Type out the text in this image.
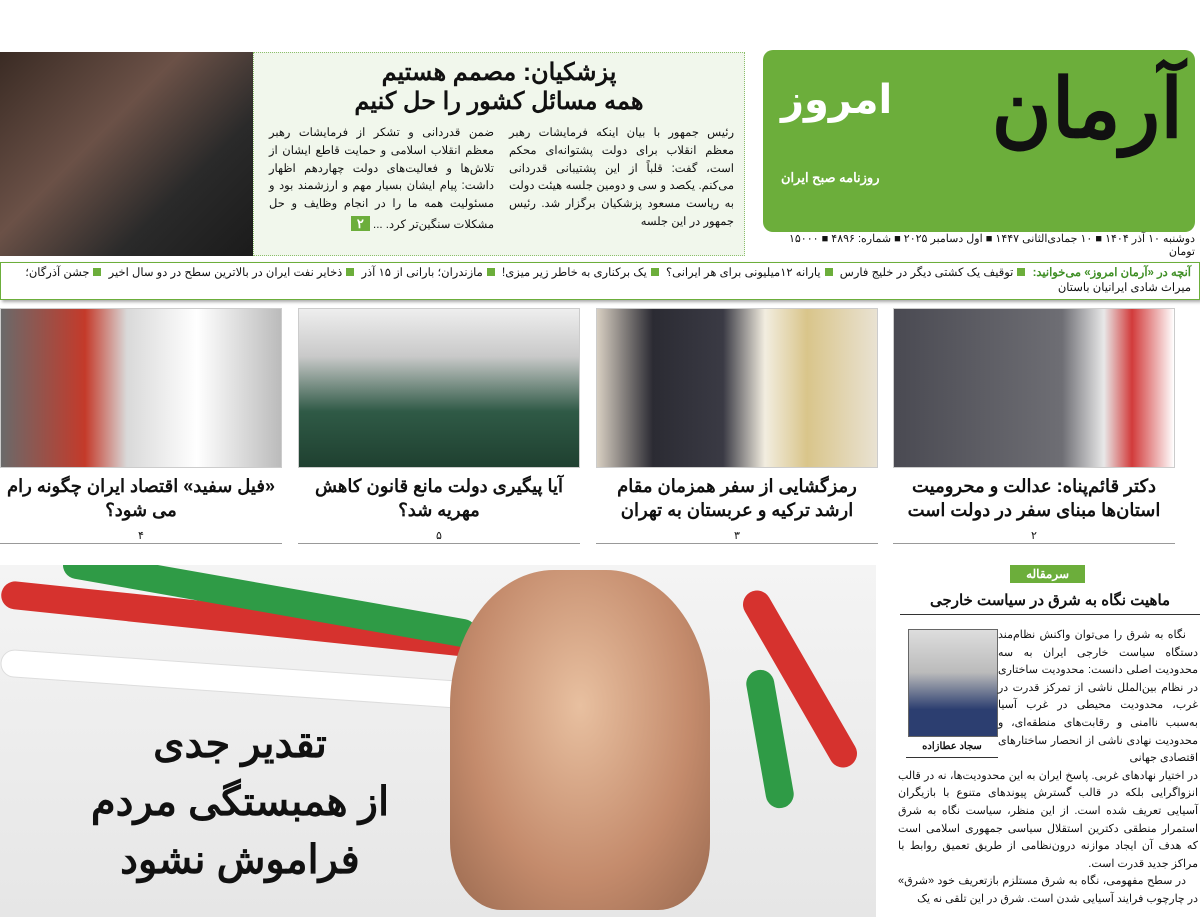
آرمان
امروز
روزنامه صبح ایران
دوشنبه ۱۰ آذر ۱۴۰۴ ■ ۱۰ جمادی‌الثانی ۱۴۴۷ ■ اول دسامبر ۲۰۲۵ ■ شماره: ۴۸۹۶ ■ ۱۵۰۰۰ تومان
پزشکیان: مصمم هستیم
همه مسائل کشور را حل کنیم
رئیس جمهور با بیان اینکه فرمایشات رهبر معظم انقلاب برای دولت پشتوانه‌ای محکم است، گفت: قلباً از این پشتیبانی قدردانی می‌کنم. یکصد و سی و دومین جلسه هیئت دولت به ریاست مسعود پزشکیان برگزار شد. رئیس جمهور در این جلسه
ضمن قدردانی و تشکر از فرمایشات رهبر معظم انقلاب اسلامی و حمایت قاطع ایشان از تلاش‌ها و فعالیت‌های دولت چهاردهم اظهار داشت: پیام ایشان بسیار مهم و ارزشمند بود و مسئولیت همه ما را در انجام وظایف و حل مشکلات سنگین‌تر کرد. ... ۲
آنچه در «آرمان امروز» می‌خوانید: توقیف یک کشتی دیگر در خلیج فارس یارانه ۱۲میلیونی برای هر ایرانی؟ یک برکناری به خاطر زیر میزی! مازندران؛ بارانی از ۱۵ آذر ذخایر نفت ایران در بالاترین سطح در دو سال اخیر جشن آذرگان؛ میراث شادی ایرانیان باستان
دکتر قائم‌پناه: عدالت و محرومیت استان‌ها مبنای سفر در دولت است
۲
رمزگشایی از سفر همزمان مقام ارشد ترکیه و عربستان به تهران
۳
آیا پیگیری دولت مانع قانون کاهش مهریه شد؟
۵
«فیل سفید» اقتصاد ایران چگونه رام می شود؟
۴
تقدیر جدی
از همبستگی مردم
فراموش نشود
سرمقاله
ماهیت نگاه به شرق در سیاست خارجی
سجاد عطازاده

نگاه به شرق را می‌توان واکنش نظام‌مند دستگاه سیاست خارجی ایران به سه محدودیت اصلی دانست: محدودیت ساختاری در نظام بین‌الملل ناشی از تمرکز قدرت در غرب، محدودیت محیطی در غرب آسیا به‌سبب ناامنی و رقابت‌های منطقه‌ای، و محدودیت نهادی ناشی از انحصار ساختارهای اقتصادی جهانی

در اختیار نهادهای غربی. پاسخ ایران به این محدودیت‌ها، نه در قالب انزواگرایی بلکه در قالب گسترش پیوندهای متنوع با بازیگران آسیایی تعریف شده است. از این منظر، سیاست نگاه به شرق استمرار منطقی دکترین استقلال سیاسی جمهوری اسلامی است که هدف آن ایجاد موازنه درون‌نظامی از طریق تعمیق روابط با مراکز جدید قدرت است.

در سطح مفهومی، نگاه به شرق مستلزم بازتعریف خود «شرق» در چارچوب فرایند آسیایی شدن است. شرق در این تلقی نه یک
